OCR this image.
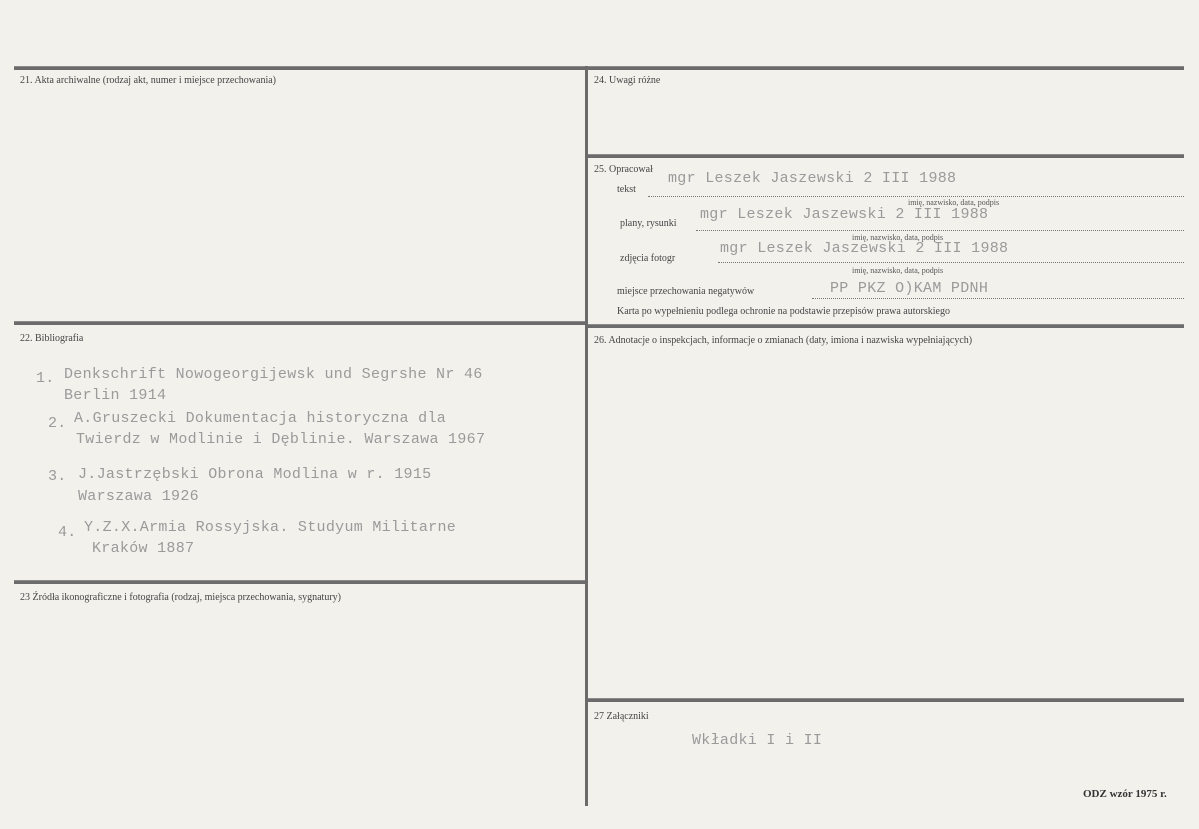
21. Akta archiwalne (rodzaj akt, numer i miejsce przechowania)	24. Uwagi różne
25. Opracował
tekst
mgr Leszek Jaszewski 2 III 1988
imię, nazwisko, data, podpis
plany, rysunki
mgr Leszek Jaszewski 2 III 1988
imię, nazwisko, data, podpis
zdjęcia fotogr
mgr Leszek Jaszewski 2 III 1988
imię, nazwisko, data, podpis
miejsce przechowania negatywów	PP PKZ O)KAM PDNH
Karta po wypełnieniu podlega ochronie na podstawie przepisów prawa autorskiego
22. Bibliografia
1. Denkschrift Nowogeorgijewsk und Segrshe Nr 46
Berlin 1914
2. A.Gruszecki Dokumentacja historyczna dla
Twierdz w Modlinie i Dęblinie. Warszawa 1967
3. J.Jastrzębski Obrona Modlina w r. 1915
Warszawa 1926
4. Y.Z.X.Armia Rossyjska. Studyum Militarne
Kraków 1887
26. Adnotacje o inspekcjach, informacje o zmianach (daty, imiona i nazwiska wypełniających)
23 Źródła ikonograficzne i fotografia (rodzaj, miejsca przechowania, sygnatury)
27 Załączniki
Wkładki I i II
ODZ wzór 1975 r.
